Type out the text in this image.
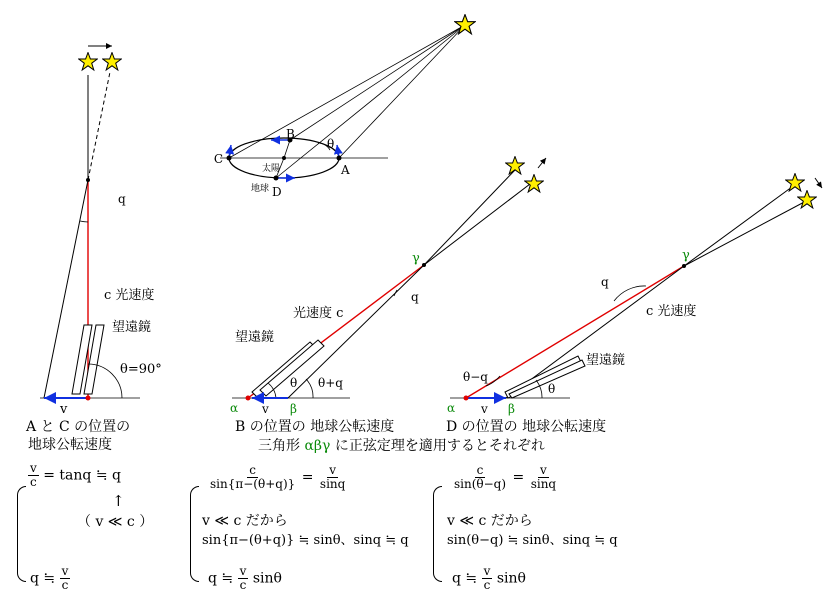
C
B
A
D
太陽
地球
θ
q
c 光速度
望遠鏡
θ=90°
v
γ
光速度 c
q
望遠鏡
θ θ+q
α v β
γ
q
c 光速度
望遠鏡
θ−q
θ
α v β
A と C の位置の
地球公転速度
B の位置の 地球公転速度	D の位置の 地球公転速度
三角形 αβγ に正弦定理を適用するとそれぞれ
$\frac{v}{c} = \tan q$ ≒ q
↑
（ v ≪ c ）
q ≒ $\frac{v}{c}$
$\frac{c}{\sin\{\pi-(\theta+q)\}} = \frac{v}{\sin q}$
v ≪ c だから
sin{π−(θ+q)} ≒ sinθ、sinq ≒ q
q ≒ $\frac{v}{c}$ sinθ
$\frac{c}{\sin(\theta-q)} = \frac{v}{\sin q}$
v ≪ c だから
sin(θ−q) ≒ sinθ、sinq ≒ q
q ≒ $\frac{v}{c}$ sinθ
